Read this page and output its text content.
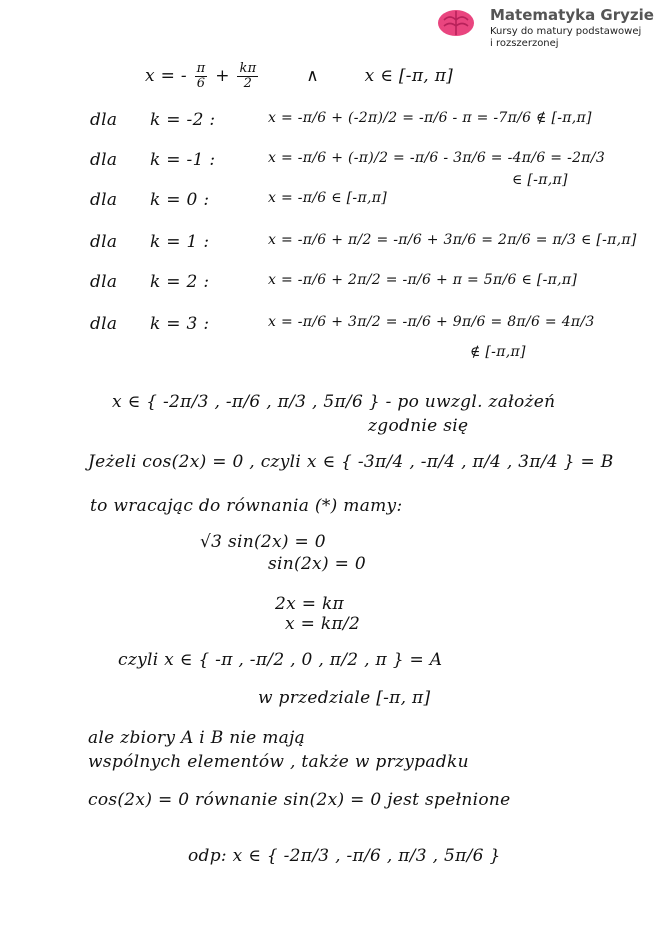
Matematyka Gryzie
Kursy do matury podstawowej
i rozszerzonej
x = - $\frac{\pi}{6} + \frac{k\pi}{2}$	∧	x ∈ [-π, π]
dla k = -2 :	x = -π/6 + (-2π)/2 = -π/6 - π = -7π/6 ∉ [-π,π]
dla k = -1 :	x = -π/6 + (-π)/2 = -π/6 - 3π/6 = -4π/6 = -2π/3
∈ [-π,π]
dla k = 0 :	x = -π/6 ∈ [-π,π]
dla k = 1 :	x = -π/6 + π/2 = -π/6 + 3π/6 = 2π/6 = π/3 ∈ [-π,π]
dla k = 2 :	x = -π/6 + 2π/2 = -π/6 + π = 5π/6 ∈ [-π,π]
dla k = 3 :	x = -π/6 + 3π/2 = -π/6 + 9π/6 = 8π/6 = 4π/3
∉ [-π,π]
x ∈ { -2π/3 , -π/6 , π/3 , 5π/6 } - po uwzgl. założeń
zgodnie się
Jeżeli cos(2x) = 0 , czyli x ∈ { -3π/4 , -π/4 , π/4 , 3π/4 } = B
to wracając do równania (*) mamy:
√3 sin(2x) = 0
sin(2x) = 0
2x = kπ
x = kπ/2
czyli x ∈ { -π , -π/2 , 0 , π/2 , π } = A
w przedziale [-π, π]
ale zbiory A i B nie mają
wspólnych elementów , także w przypadku
cos(2x) = 0 równanie sin(2x) = 0 jest spełnione
odp: x ∈ { -2π/3 , -π/6 , π/3 , 5π/6 }
